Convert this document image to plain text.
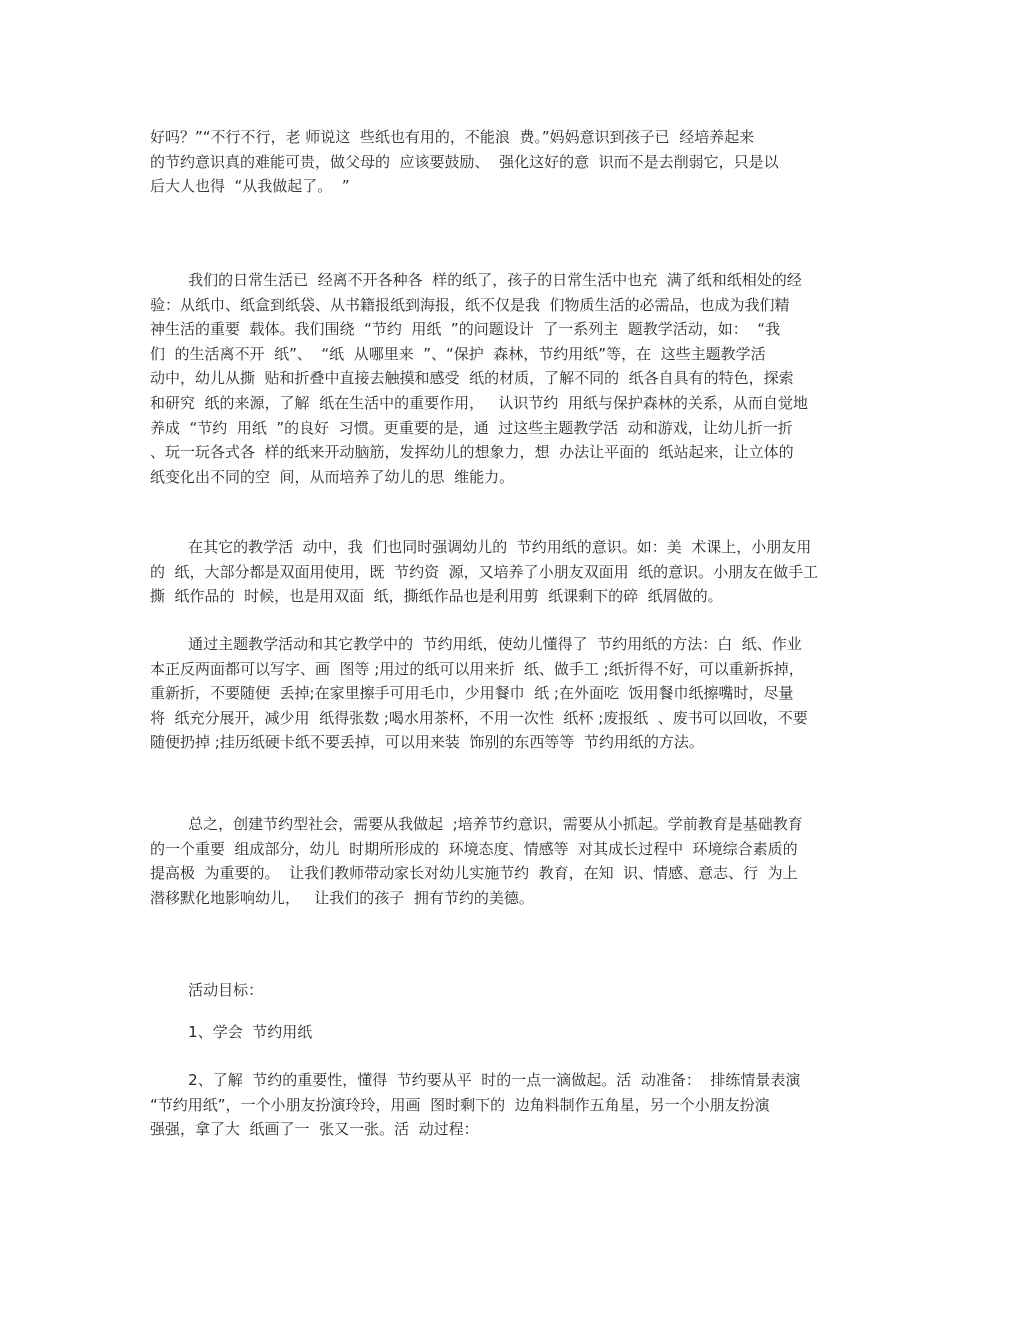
好吗？”“不行不行，老 师说这  些纸也有用的，不能浪  费。”妈妈意识到孩子已  经培养起来
的节约意识真的难能可贵，做父母的  应该要鼓励、  强化这好的意  识而不是去削弱它，只是以
后大人也得  “从我做起了。  ”
我们的日常生活已  经离不开各种各  样的纸了，孩子的日常生活中也充  满了纸和纸相处的经
验：从纸巾、纸盒到纸袋、从书籍报纸到海报，纸不仅是我  们物质生活的必需品，也成为我们精
神生活的重要  载体。我们围绕  “节约  用纸  ”的问题设计  了一系列主  题教学活动，如：  “我
们  的生活离不开  纸”、  “纸  从哪里来  ”、“保护  森林，节约用纸”等，在  这些主题教学活
动中，幼儿从撕  贴和折叠中直接去触摸和感受  纸的材质，了解不同的  纸各自具有的特色，探索
和研究  纸的来源，了解  纸在生活中的重要作用，   认识节约  用纸与保护森林的关系，从而自觉地
养成  “节约  用纸  ”的良好  习惯。更重要的是，通  过这些主题教学活  动和游戏，让幼儿折一折
、玩一玩各式各  样的纸来开动脑筋，发挥幼儿的想象力，想  办法让平面的  纸站起来，让立体的
纸变化出不同的空  间，从而培养了幼儿的思  维能力。
在其它的教学活  动中，我  们也同时强调幼儿的  节约用纸的意识。如：美  术课上，小朋友用
的  纸，大部分都是双面用使用，既  节约资  源，又培养了小朋友双面用  纸的意识。小朋友在做手工
撕  纸作品的  时候，也是用双面  纸，撕纸作品也是利用剪  纸课剩下的碎  纸屑做的。
通过主题教学活动和其它教学中的  节约用纸，使幼儿懂得了  节约用纸的方法：白  纸、作业
本正反两面都可以写字、画  图等 ;用过的纸可以用来折  纸、做手工 ;纸折得不好，可以重新拆掉，
重新折，不要随便  丢掉;在家里擦手可用毛巾，少用餐巾  纸 ;在外面吃  饭用餐巾纸擦嘴时，尽量
将  纸充分展开，减少用  纸得张数 ;喝水用茶杯，不用一次性  纸杯 ;废报纸  、废书可以回收，不要
随便扔掉 ;挂历纸硬卡纸不要丢掉，可以用来装  饰别的东西等等  节约用纸的方法。
总之，创建节约型社会，需要从我做起  ;培养节约意识，需要从小抓起。学前教育是基础教育
的一个重要  组成部分，幼儿  时期所形成的  环境态度、情感等  对其成长过程中  环境综合素质的
提高极  为重要的。  让我们教师带动家长对幼儿实施节约  教育，在知  识、情感、意志、行  为上
潜移默化地影响幼儿，   让我们的孩子  拥有节约的美德。
活动目标：
1、学会  节约用纸
2、了解  节约的重要性，懂得  节约要从平  时的一点一滴做起。活  动准备：  排练情景表演
“节约用纸”，一个小朋友扮演玲玲，用画  图时剩下的  边角料制作五角星，另一个小朋友扮演
强强，拿了大  纸画了一  张又一张。活  动过程：
